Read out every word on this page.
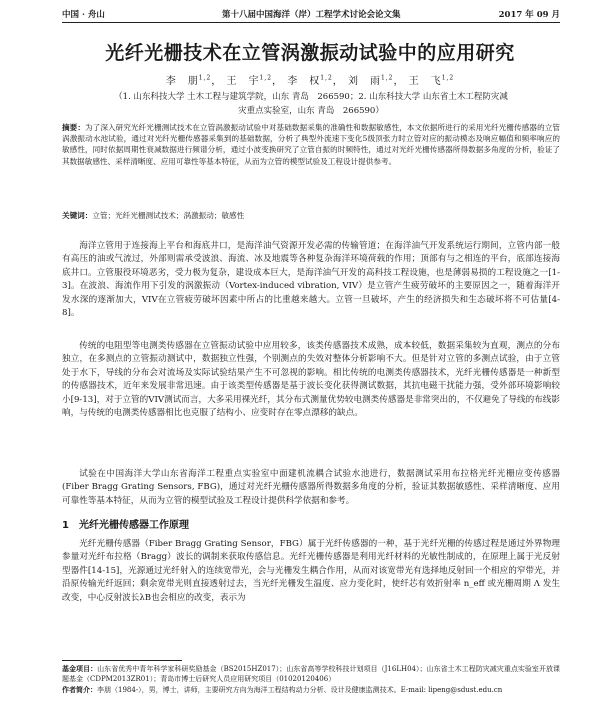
中国 · 舟山	第十八届中国海洋（岸）工程学术讨论会论文集	2017 年 09 月
光纤光栅技术在立管涡激振动试验中的应用研究
李　朋$^{1,2}$， 王　宇$^{1,2}$， 李　权$^{1,2}$， 刘　雨$^{1,2}$， 王　飞$^{1,2}$
（1. 山东科技大学 土木工程与建筑学院，山东 青岛　266590；2. 山东科技大学 山东省土木工程防灾减
灾重点实验室，山东 青岛　266590）
摘要：为了深入研究光纤光栅测试技术在立管涡激振动试验中对基础数据采集的准确性和数据敏感性，本文依据所进行的采用光纤光栅传感器的立管涡激振动水池试验，通过对光纤光栅传感器采集到的基础数据，分析了典型外流速下变化5级顶张力时立管对应的振动模态及响应幅值和频率响应的敏感性，同时依据周期性衰减数据进行频谱分析，通过小波变换研究了立管自振的时频特性，通过对光纤光栅传感器所得数据多角度的分析，验证了其数据敏感性、采样清晰度、应用可靠性等基本特征，从而为立管的模型试验及工程设计提供参考。
关键词：立管；光纤光栅测试技术；涡激振动；敏感性

海洋立管用于连接海上平台和海底井口，是海洋油气资源开发必需的传输管道；在海洋油气开发系统运行期间，立管内部一般有高压的油或气流过，外部则需承受波浪、海流、冰及地震等各种复杂海洋环境荷载的作用；顶部有与之相连的平台，底部连接海底井口。立管服役环境恶劣，受力极为复杂，建设成本巨大，是海洋油气开发的高科技工程设施，也是薄弱易损的工程设施之一[1-3]。在波浪、海流作用下引发的涡激振动（Vortex-induced vibration, VIV）是立管产生疲劳破坏的主要原因之一，随着海洋开发水深的逐渐加大，VIV在立管疲劳破坏因素中所占的比重越来越大。立管一旦破坏，产生的经济损失和生态破坏将不可估量[4-8]。

传统的电阻型等电测类传感器在立管振动试验中应用较多，该类传感器技术成熟，成本较低，数据采集较为直观，测点的分布独立，在多测点的立管振动测试中，数据独立性强，个别测点的失效对整体分析影响不大。但是针对立管的多测点试验，由于立管处于水下，导线的分布会对流场及实际试验结果产生不可忽视的影响。相比传统的电测类传感器技术，光纤光栅传感器是一种新型的传感器技术，近年来发展非常迅速。由于该类型传感器是基于波长变化获得测试数据，其抗电磁干扰能力强，受外部环境影响较小[9-13]，对于立管的VIV测试而言，大多采用裸光纤，其分布式测量优势较电测类传感器是非常突出的，不仅避免了导线的布线影响，与传统的电测类传感器相比也克服了结构小、应变时存在零点漂移的缺点。

试验在中国海洋大学山东省海洋工程重点实验室中面建机流耦合试验水池进行，数据测试采用布拉格光纤光栅应变传感器(Fiber Bragg Grating Sensors, FBG)，通过对光纤光栅传感器所得数据多角度的分析，验证其数据敏感性、采样清晰度、应用可靠性等基本特征，从而为立管的模型试验及工程设计提供科学依据和参考。

1　光纤光栅传感器工作原理

光纤光栅传感器（Fiber Bragg Grating Sensor，FBG）属于光纤传感器的一种，基于光纤光栅的传感过程是通过外界物理参量对光纤布拉格（Bragg）波长的调制来获取传感信息。光纤光栅传感器是利用光纤材料的光敏性制成的，在原理上属于光反射型器件[14-15]，光源通过光纤射入的连续宽带光，会与光栅发生耦合作用，从而对该宽带光有选择地反射回一个相应的窄带光，并沿原传输光纤返回；剩余宽带光则直接透射过去，当光纤光栅发生温度、应力变化时，使纤芯有效折射率 n_eff 或光栅周期 Λ 发生改变，中心反射波长λB也会相应的改变，表示为

基金项目：山东省优秀中青年科学家科研奖励基金（BS2015HZ017）；山东省高等学校科技计划项目（J16LH04）；山东省土木工程防灾减灾重点实验室开放课题基金（CDPM2013ZR01）；青岛市博士后研究人员应用研究项目（01020120406）
作者简介：李朋（1984-），男，博士，讲师，主要研究方向为海洋工程结构动力分析、设计及健康监测技术。E-mail: lipeng@sdust.edu.cn
